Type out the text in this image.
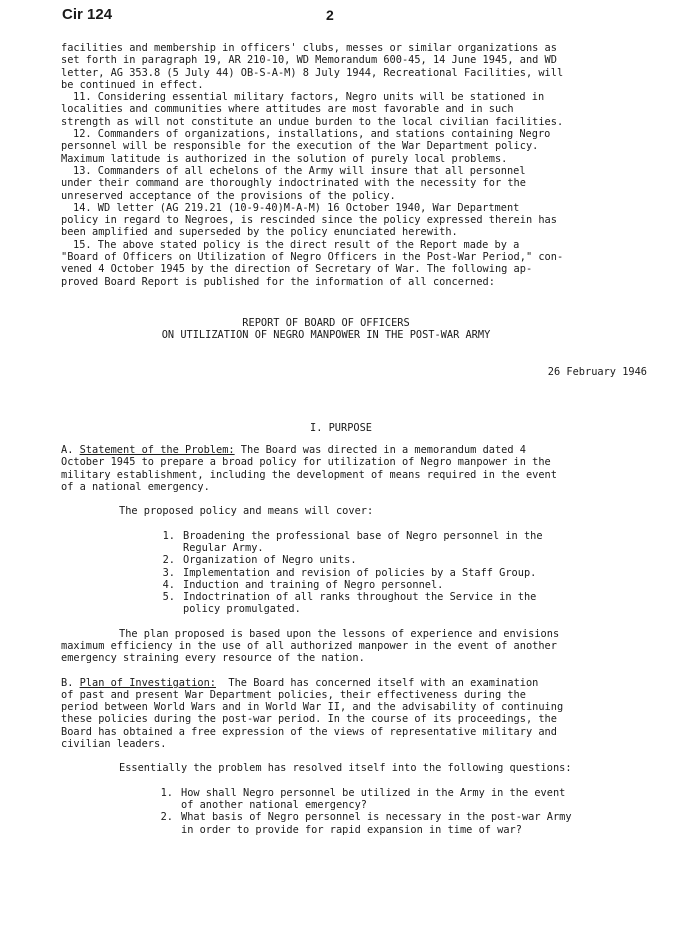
Cir 124	2
facilities and membership in officers' clubs, messes or similar organizations as
set forth in paragraph 19, AR 210-10, WD Memorandum 600-45, 14 June 1945, and WD
letter, AG 353.8 (5 July 44) OB-S-A-M) 8 July 1944, Recreational Facilities, will
be continued in effect.
11. Considering essential military factors, Negro units will be stationed in
localities and communities where attitudes are most favorable and in such
strength as will not constitute an undue burden to the local civilian facilities.
12. Commanders of organizations, installations, and stations containing Negro
personnel will be responsible for the execution of the War Department policy.
Maximum latitude is authorized in the solution of purely local problems.
13. Commanders of all echelons of the Army will insure that all personnel
under their command are thoroughly indoctrinated with the necessity for the
unreserved acceptance of the provisions of the policy.
14. WD letter (AG 219.21 (10-9-40)M-A-M) 16 October 1940, War Department
policy in regard to Negroes, is rescinded since the policy expressed therein has
been amplified and superseded by the policy enunciated herewith.
15. The above stated policy is the direct result of the Report made by a
"Board of Officers on Utilization of Negro Officers in the Post-War Period," con-
vened 4 October 1945 by the direction of Secretary of War. The following ap-
proved Board Report is published for the information of all concerned:
REPORT OF BOARD OF OFFICERS
ON UTILIZATION OF NEGRO MANPOWER IN THE POST-WAR ARMY
26 February 1946
I. PURPOSE
A. Statement of the Problem: The Board was directed in a memorandum dated 4
October 1945 to prepare a broad policy for utilization of Negro manpower in the
military establishment, including the development of means required in the event
of a national emergency.
The proposed policy and means will cover:
1. Broadening the professional base of Negro personnel in the
Regular Army.
2. Organization of Negro units.
3. Implementation and revision of policies by a Staff Group.
4. Induction and training of Negro personnel.
5. Indoctrination of all ranks throughout the Service in the
policy promulgated.
The plan proposed is based upon the lessons of experience and envisions
maximum efficiency in the use of all authorized manpower in the event of another
emergency straining every resource of the nation.
B. Plan of Investigation:  The Board has concerned itself with an examination
of past and present War Department policies, their effectiveness during the
period between World Wars and in World War II, and the advisability of continuing
these policies during the post-war period. In the course of its proceedings, the
Board has obtained a free expression of the views of representative military and
civilian leaders.
Essentially the problem has resolved itself into the following questions:
1. How shall Negro personnel be utilized in the Army in the event
of another national emergency?
2. What basis of Negro personnel is necessary in the post-war Army
in order to provide for rapid expansion in time of war?
